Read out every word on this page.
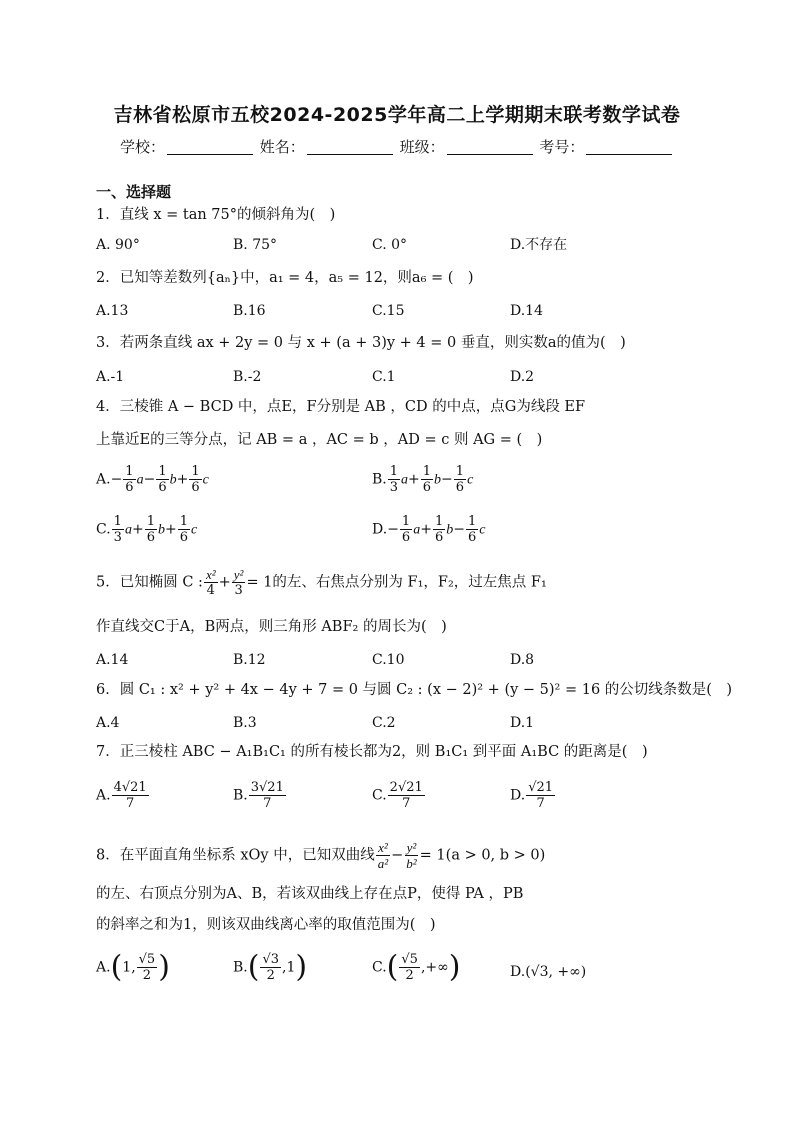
吉林省松原市五校2024-2025学年高二上学期期末联考数学试卷
学校：	姓名：	班级：	考号：
一、选择题
1．直线 x = tan 75°的倾斜角为(　)
A. 90°	B. 75°	C. 0°	D.不存在
2．已知等差数列{aₙ}中，a₁ = 4，a₅ = 12，则a₆ = (　)
A.13	B.16	C.15	D.14
3．若两条直线 ax + 2y = 0 与 x + (a + 3)y + 4 = 0 垂直，则实数a的值为(　)
A.-1	B.-2	C.1	D.2
4．三棱锥 A − BCD 中，点E，F分别是 AB ，CD 的中点，点G为线段 EF
上靠近E的三等分点，记 AB = a ，AC = b ，AD = c 则 AG = (　)
$A.- \frac{1}{6} a- \frac{1}{6} b+ \frac{1}{6}$ c	B. $\frac{1}{3} a+ \frac{1}{6} b- \frac{1}{6}$ c
C. $\frac{1}{3} a+ \frac{1}{6} b+ \frac{1}{6}$ c	$D.- \frac{1}{6} a+ \frac{1}{6} b- \frac{1}{6}$ c
5．已知椭圆 C : $\frac{\text{x²}}{4} + \frac{\text{y²}}{3} = 1$的左、右焦点分别为 F₁，F₂，过左焦点 F₁
作直线交C于A，B两点，则三角形 ABF₂ 的周长为(　)
A.14	B.12	C.10	D.8
6．圆 C₁ : x² + y² + 4x − 4y + 7 = 0 与圆 C₂ : (x − 2)² + (y − 5)² = 16 的公切线条数是(　)
A.4	B.3	C.2	D.1
7．正三棱柱 ABC − A₁B₁C₁ 的所有棱长都为2，则 B₁C₁ 到平面 A₁BC 的距离是(　)
A. $\frac{4√21}{7}$	B. $\frac{3√21}{7}$	C. $\frac{2√21}{7}$	D. $\frac{√21}{7}$
8．在平面直角坐标系 xOy 中，已知双曲线 $\frac{\text{x²}}{\text{a²}} - \frac{\text{y²}}{\text{b²}} = 1(a > 0$, b > 0)
的左、右顶点分别为A、B，若该双曲线上存在点P，使得 PA ，PB
的斜率之和为1，则该双曲线离心率的取值范围为(　)
A.(1, $\frac{√5}{2}$ )	$B.( \frac{√3}{2} ,1)$	$C.( \frac{√5}{2}$ ,+∞)	D.(√3, +∞)
